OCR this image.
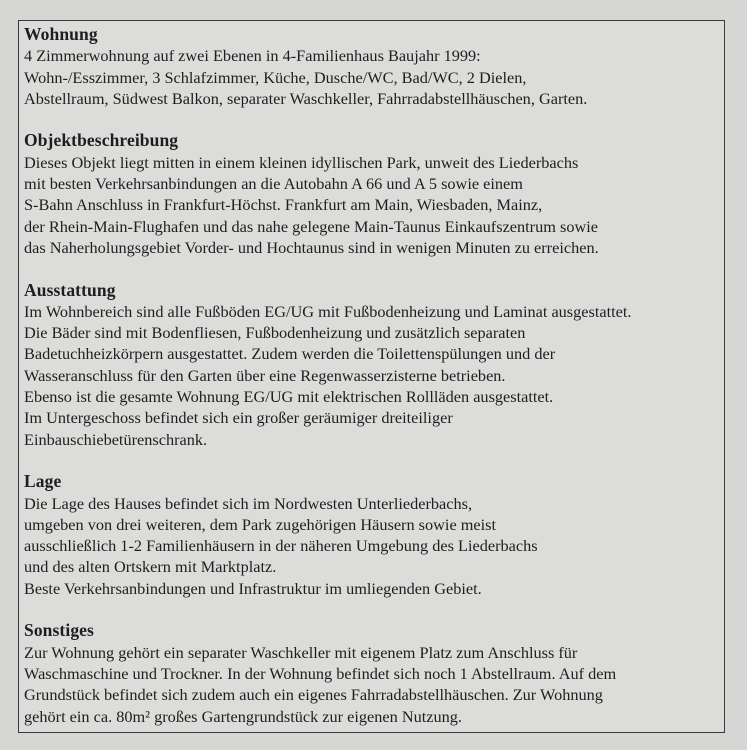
Wohnung
4 Zimmerwohnung auf zwei Ebenen in 4-Familienhaus Baujahr 1999:
Wohn-/Esszimmer, 3 Schlafzimmer, Küche, Dusche/WC, Bad/WC, 2 Dielen,
Abstellraum, Südwest Balkon, separater Waschkeller, Fahrradabstellhäuschen, Garten.
Objektbeschreibung
Dieses Objekt liegt mitten in einem kleinen idyllischen Park, unweit des Liederbachs
mit besten Verkehrsanbindungen an die Autobahn A 66 und A 5 sowie einem
S-Bahn Anschluss in Frankfurt-Höchst. Frankfurt am Main, Wiesbaden, Mainz,
der Rhein-Main-Flughafen und das nahe gelegene Main-Taunus Einkaufszentrum sowie
das Naherholungsgebiet Vorder- und Hochtaunus sind in wenigen Minuten zu erreichen.
Ausstattung
Im Wohnbereich sind alle Fußböden EG/UG mit Fußbodenheizung und Laminat ausgestattet.
Die Bäder sind mit Bodenfliesen, Fußbodenheizung und zusätzlich separaten
Badetuchheizkörpern ausgestattet. Zudem werden die Toilettenspülungen und der
Wasseranschluss für den Garten über eine Regenwasserzisterne betrieben.
Ebenso ist die gesamte Wohnung EG/UG mit elektrischen Rollläden ausgestattet.
Im Untergeschoss befindet sich ein großer geräumiger dreiteiliger
Einbauschiebetürenschrank.
Lage
Die Lage des Hauses befindet sich im Nordwesten Unterliederbachs,
umgeben von drei weiteren, dem Park zugehörigen Häusern sowie meist
ausschließlich 1-2 Familienhäusern in der näheren Umgebung des Liederbachs
und des alten Ortskern mit Marktplatz.
Beste Verkehrsanbindungen und Infrastruktur im umliegenden Gebiet.
Sonstiges
Zur Wohnung gehört ein separater Waschkeller mit eigenem Platz zum Anschluss für
Waschmaschine und Trockner. In der Wohnung befindet sich noch 1 Abstellraum. Auf dem
Grundstück befindet sich zudem auch ein eigenes Fahrradabstellhäuschen. Zur Wohnung
gehört ein ca. 80m² großes Gartengrundstück zur eigenen Nutzung.
